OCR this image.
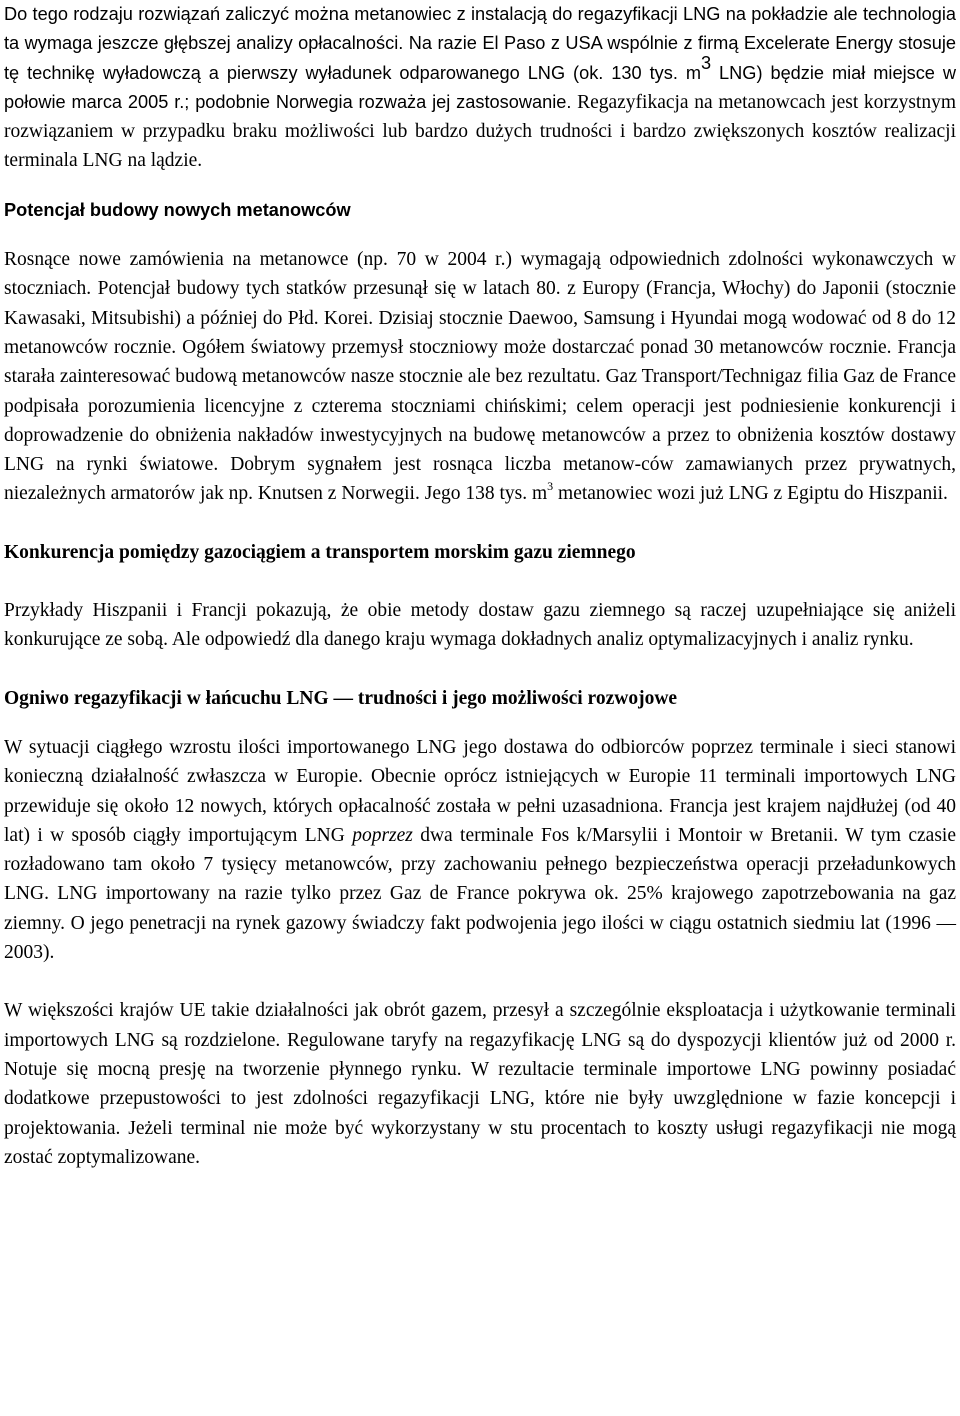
Do tego rodzaju rozwiązań zaliczyć można metanowiec z instalacją do regazyfikacji LNG na pokładzie ale technologia ta wymaga jeszcze głębszej analizy opłacalności. Na razie El Paso z USA wspólnie z firmą Excelerate Energy stosuje tę technikę wyładowczą a pierwszy wyładunek odparowanego LNG (ok. 130 tys. $m^3$ LNG) będzie miał miejsce w połowie marca 2005 r.; podobnie Norwegia rozważa jej zastosowanie. Regazyfikacja na metanowcach jest korzystnym rozwiązaniem w przypadku braku możliwości lub bardzo dużych trudności i bardzo zwiększonych kosztów realizacji terminala LNG na lądzie.

Potencjał budowy nowych metanowców

Rosnące nowe zamówienia na metanowce (np. 70 w 2004 r.) wymagają odpowiednich zdolności wykonawczych w stoczniach. Potencjał budowy tych statków przesunął się w latach 80. z Europy (Francja, Włochy) do Japonii (stocznie Kawasaki, Mitsubishi) a później do Płd. Korei. Dzisiaj stocznie Daewoo, Samsung i Hyundai mogą wodować od 8 do 12 metanowców rocznie. Ogółem światowy przemysł stoczniowy może dostarczać ponad 30 metanowców rocznie. Francja starała zainteresować budową metanowców nasze stocznie ale bez rezultatu. Gaz Transport/Technigaz filia Gaz de France podpisała porozumienia licencyjne z czterema stoczniami chińskimi; celem operacji jest podniesienie konkurencji i doprowadzenie do obniżenia nakładów inwestycyjnych na budowę metanowców a przez to obniżenia kosztów dostawy LNG na rynki światowe. Dobrym sygnałem jest rosnąca liczba metanow-ców zamawianych przez prywatnych, niezależnych armatorów jak np. Knutsen z Norwegii. Jego 138 tys. $m^3$ metanowiec wozi już LNG z Egiptu do Hiszpanii.

Konkurencja pomiędzy gazociągiem a transportem morskim gazu ziemnego

Przykłady Hiszpanii i Francji pokazują, że obie metody dostaw gazu ziemnego są raczej uzupełniające się aniżeli konkurujące ze sobą. Ale odpowiedź dla danego kraju wymaga dokładnych analiz optymalizacyjnych i analiz rynku.

Ogniwo regazyfikacji w łańcuchu LNG — trudności i jego możliwości rozwojowe

W sytuacji ciągłego wzrostu ilości importowanego LNG jego dostawa do odbiorców poprzez terminale i sieci stanowi konieczną działalność zwłaszcza w Europie. Obecnie oprócz istniejących w Europie 11 terminali importowych LNG przewiduje się około 12 nowych, których opłacalność została w pełni uzasadniona. Francja jest krajem najdłużej (od 40 lat) i w sposób ciągły importującym LNG poprzez dwa terminale Fos k/Marsylii i Montoir w Bretanii. W tym czasie rozładowano tam około 7 tysięcy metanowców, przy zachowaniu pełnego bezpieczeństwa operacji przeładunkowych LNG. LNG importowany na razie tylko przez Gaz de France pokrywa ok. 25% krajowego zapotrzebowania na gaz ziemny. O jego penetracji na rynek gazowy świadczy fakt podwojenia jego ilości w ciągu ostatnich siedmiu lat (1996 — 2003).

W większości krajów UE takie działalności jak obrót gazem, przesył a szczególnie eksploatacja i użytkowanie terminali importowych LNG są rozdzielone. Regulowane taryfy na regazyfikację LNG są do dyspozycji klientów już od 2000 r. Notuje się mocną presję na tworzenie płynnego rynku. W rezultacie terminale importowe LNG powinny posiadać dodatkowe przepustowości to jest zdolności regazyfikacji LNG, które nie były uwzględnione w fazie koncepcji i projektowania. Jeżeli terminal nie może być wykorzystany w stu procentach to koszty usługi regazyfikacji nie mogą zostać zoptymalizowane.
